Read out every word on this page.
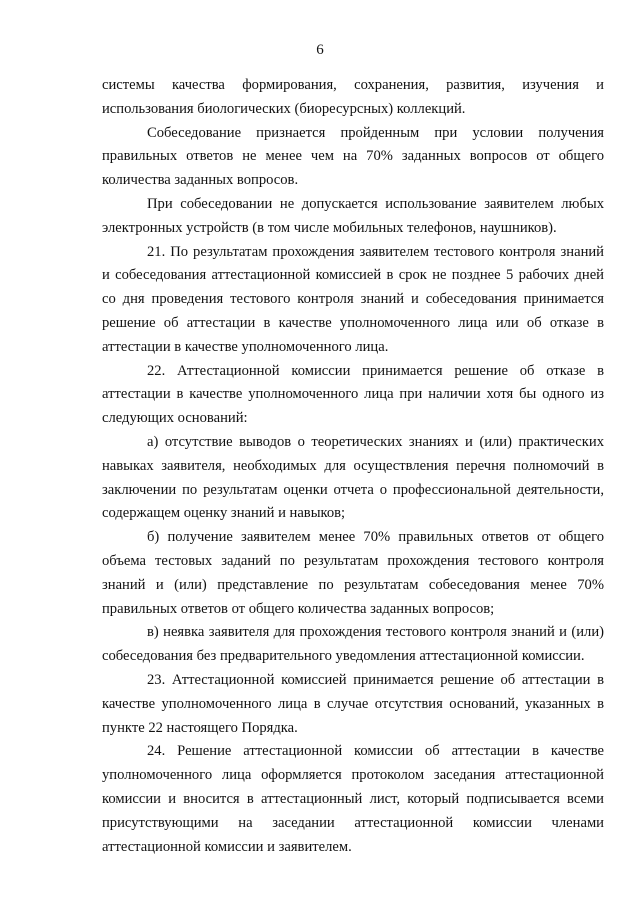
6

системы качества формирования, сохранения, развития, изучения и использования биологических (биоресурсных) коллекций.

Собеседование признается пройденным при условии получения правильных ответов не менее чем на 70% заданных вопросов от общего количества заданных вопросов.

При собеседовании не допускается использование заявителем любых электронных устройств (в том числе мобильных телефонов, наушников).

21. По результатам прохождения заявителем тестового контроля знаний и собеседования аттестационной комиссией в срок не позднее 5 рабочих дней со дня проведения тестового контроля знаний и собеседования принимается решение об аттестации в качестве уполномоченного лица или об отказе в аттестации в качестве уполномоченного лица.

22. Аттестационной комиссии принимается решение об отказе в аттестации в качестве уполномоченного лица при наличии хотя бы одного из следующих оснований:

а) отсутствие выводов о теоретических знаниях и (или) практических навыках заявителя, необходимых для осуществления перечня полномочий в заключении по результатам оценки отчета о профессиональной деятельности, содержащем оценку знаний и навыков;

б) получение заявителем менее 70% правильных ответов от общего объема тестовых заданий по результатам прохождения тестового контроля знаний и (или) представление по результатам собеседования менее 70% правильных ответов от общего количества заданных вопросов;

в) неявка заявителя для прохождения тестового контроля знаний и (или) собеседования без предварительного уведомления аттестационной комиссии.

23. Аттестационной комиссией принимается решение об аттестации в качестве уполномоченного лица в случае отсутствия оснований, указанных в пункте 22 настоящего Порядка.

24. Решение аттестационной комиссии об аттестации в качестве уполномоченного лица оформляется протоколом заседания аттестационной комиссии и вносится в аттестационный лист, который подписывается всеми присутствующими на заседании аттестационной комиссии членами аттестационной комиссии и заявителем.
